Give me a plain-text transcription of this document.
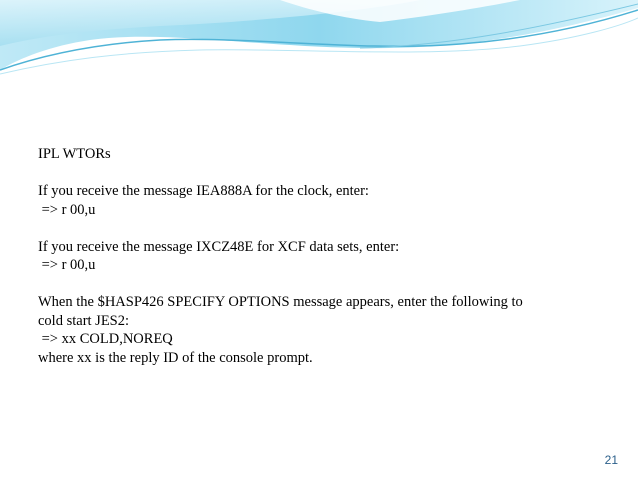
IPL WTORs
If you receive the message IEA888A for the clock, enter:
=> r 00,u
If you receive the message IXCZ48E for XCF data sets, enter:
=> r 00,u
When the $HASP426 SPECIFY OPTIONS message appears, enter the following to
cold start JES2:
=> xx COLD,NOREQ
where xx is the reply ID of the console prompt.
21
